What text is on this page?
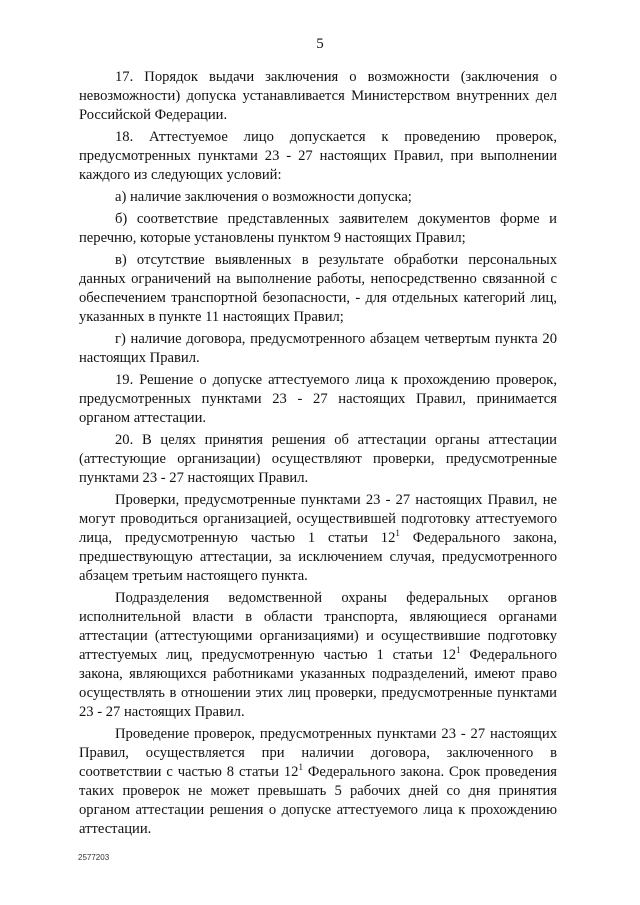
5

17. Порядок выдачи заключения о возможности (заключения о невозможности) допуска устанавливается Министерством внутренних дел Российской Федерации.

18. Аттестуемое лицо допускается к проведению проверок, предусмотренных пунктами 23 - 27 настоящих Правил, при выполнении каждого из следующих условий:

а) наличие заключения о возможности допуска;

б) соответствие представленных заявителем документов форме и перечню, которые установлены пунктом 9 настоящих Правил;

в) отсутствие выявленных в результате обработки персональных данных ограничений на выполнение работы, непосредственно связанной с обеспечением транспортной безопасности, - для отдельных категорий лиц, указанных в пункте 11 настоящих Правил;

г) наличие договора, предусмотренного абзацем четвертым пункта 20 настоящих Правил.

19. Решение о допуске аттестуемого лица к прохождению проверок, предусмотренных пунктами 23 - 27 настоящих Правил, принимается органом аттестации.

20. В целях принятия решения об аттестации органы аттестации (аттестующие организации) осуществляют проверки, предусмотренные пунктами 23 - 27 настоящих Правил.

Проверки, предусмотренные пунктами 23 - 27 настоящих Правил, не могут проводиться организацией, осуществившей подготовку аттестуемого лица, предусмотренную частью 1 статьи $12^1$ Федерального закона, предшествующую аттестации, за исключением случая, предусмотренного абзацем третьим настоящего пункта.

Подразделения ведомственной охраны федеральных органов исполнительной власти в области транспорта, являющиеся органами аттестации (аттестующими организациями) и осуществившие подготовку аттестуемых лиц, предусмотренную частью 1 статьи $12^1$ Федерального закона, являющихся работниками указанных подразделений, имеют право осуществлять в отношении этих лиц проверки, предусмотренные пунктами 23 - 27 настоящих Правил.

Проведение проверок, предусмотренных пунктами 23 - 27 настоящих Правил, осуществляется при наличии договора, заключенного в соответствии с частью 8 статьи $12^1$ Федерального закона. Срок проведения таких проверок не может превышать 5 рабочих дней со дня принятия органом аттестации решения о допуске аттестуемого лица к прохождению аттестации.

2577203
